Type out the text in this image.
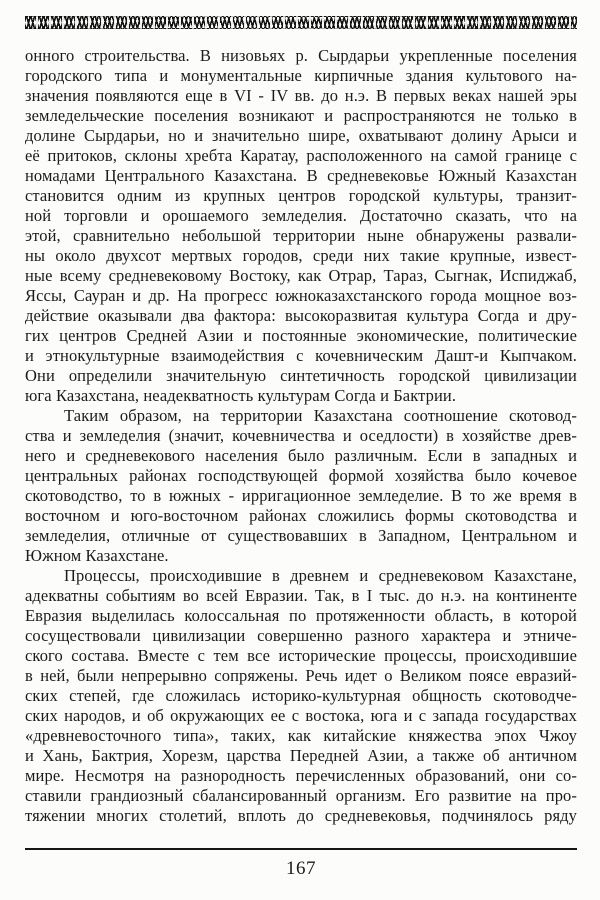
онного строительства. В низовьях р. Сырдарьи укрепленные поселения
городского типа и монументальные кирпичные здания культового на-
значения появляются еще в VI - IV вв. до н.э. В первых веках нашей эры
земледельческие поселения возникают и распространяются не только в
долине Сырдарьи, но и значительно шире, охватывают долину Арыси и
её притоков, склоны хребта Каратау, расположенного на самой границе с
номадами Центрального Казахстана. В средневековье Южный Казахстан
становится одним из крупных центров городской культуры, транзит-
ной торговли и орошаемого земледелия. Достаточно сказать, что на
этой, сравнительно небольшой территории ныне обнаружены развали-
ны около двухсот мертвых городов, среди них такие крупные, извест-
ные всему средневековому Востоку, как Отрар, Тараз, Сыгнак, Испиджаб,
Яссы, Сауран и др. На прогресс южноказахстанского города мощное воз-
действие оказывали два фактора: высокоразвитая культура Согда и дру-
гих центров Средней Азии и постоянные экономические, политические
и этнокультурные взаимодействия с кочевническим Дашт-и Кыпчаком.
Они определили значительную синтетичность городской цивилизации
юга Казахстана, неадекватность культурам Согда и Бактрии.
Таким образом, на территории Казахстана соотношение скотовод-
ства и земледелия (значит, кочевничества и оседлости) в хозяйстве древ-
него и средневекового населения было различным. Если в западных и
центральных районах господствующей формой хозяйства было кочевое
скотоводство, то в южных - ирригационное земледелие. В то же время в
восточном и юго-восточном районах сложились формы скотоводства и
земледелия, отличные от существовавших в Западном, Центральном и
Южном Казахстане.
Процессы, происходившие в древнем и средневековом Казахстане,
адекватны событиям во всей Евразии. Так, в I тыс. до н.э. на континенте
Евразия выделилась колоссальная по протяженности область, в которой
сосуществовали цивилизации совершенно разного характера и этниче-
ского состава. Вместе с тем все исторические процессы, происходившие
в ней, были непрерывно сопряжены. Речь идет о Великом поясе евразий-
ских степей, где сложилась историко-культурная общность скотоводче-
ских народов, и об окружающих ее с востока, юга и с запада государствах
«древневосточного типа», таких, как китайские княжества эпох Чжоу
и Хань, Бактрия, Хорезм, царства Передней Азии, а также об античном
мире. Несмотря на разнородность перечисленных образований, они со-
ставили грандиозный сбалансированный организм. Его развитие на про-
тяжении многих столетий, вплоть до средневековья, подчинялось ряду
167
